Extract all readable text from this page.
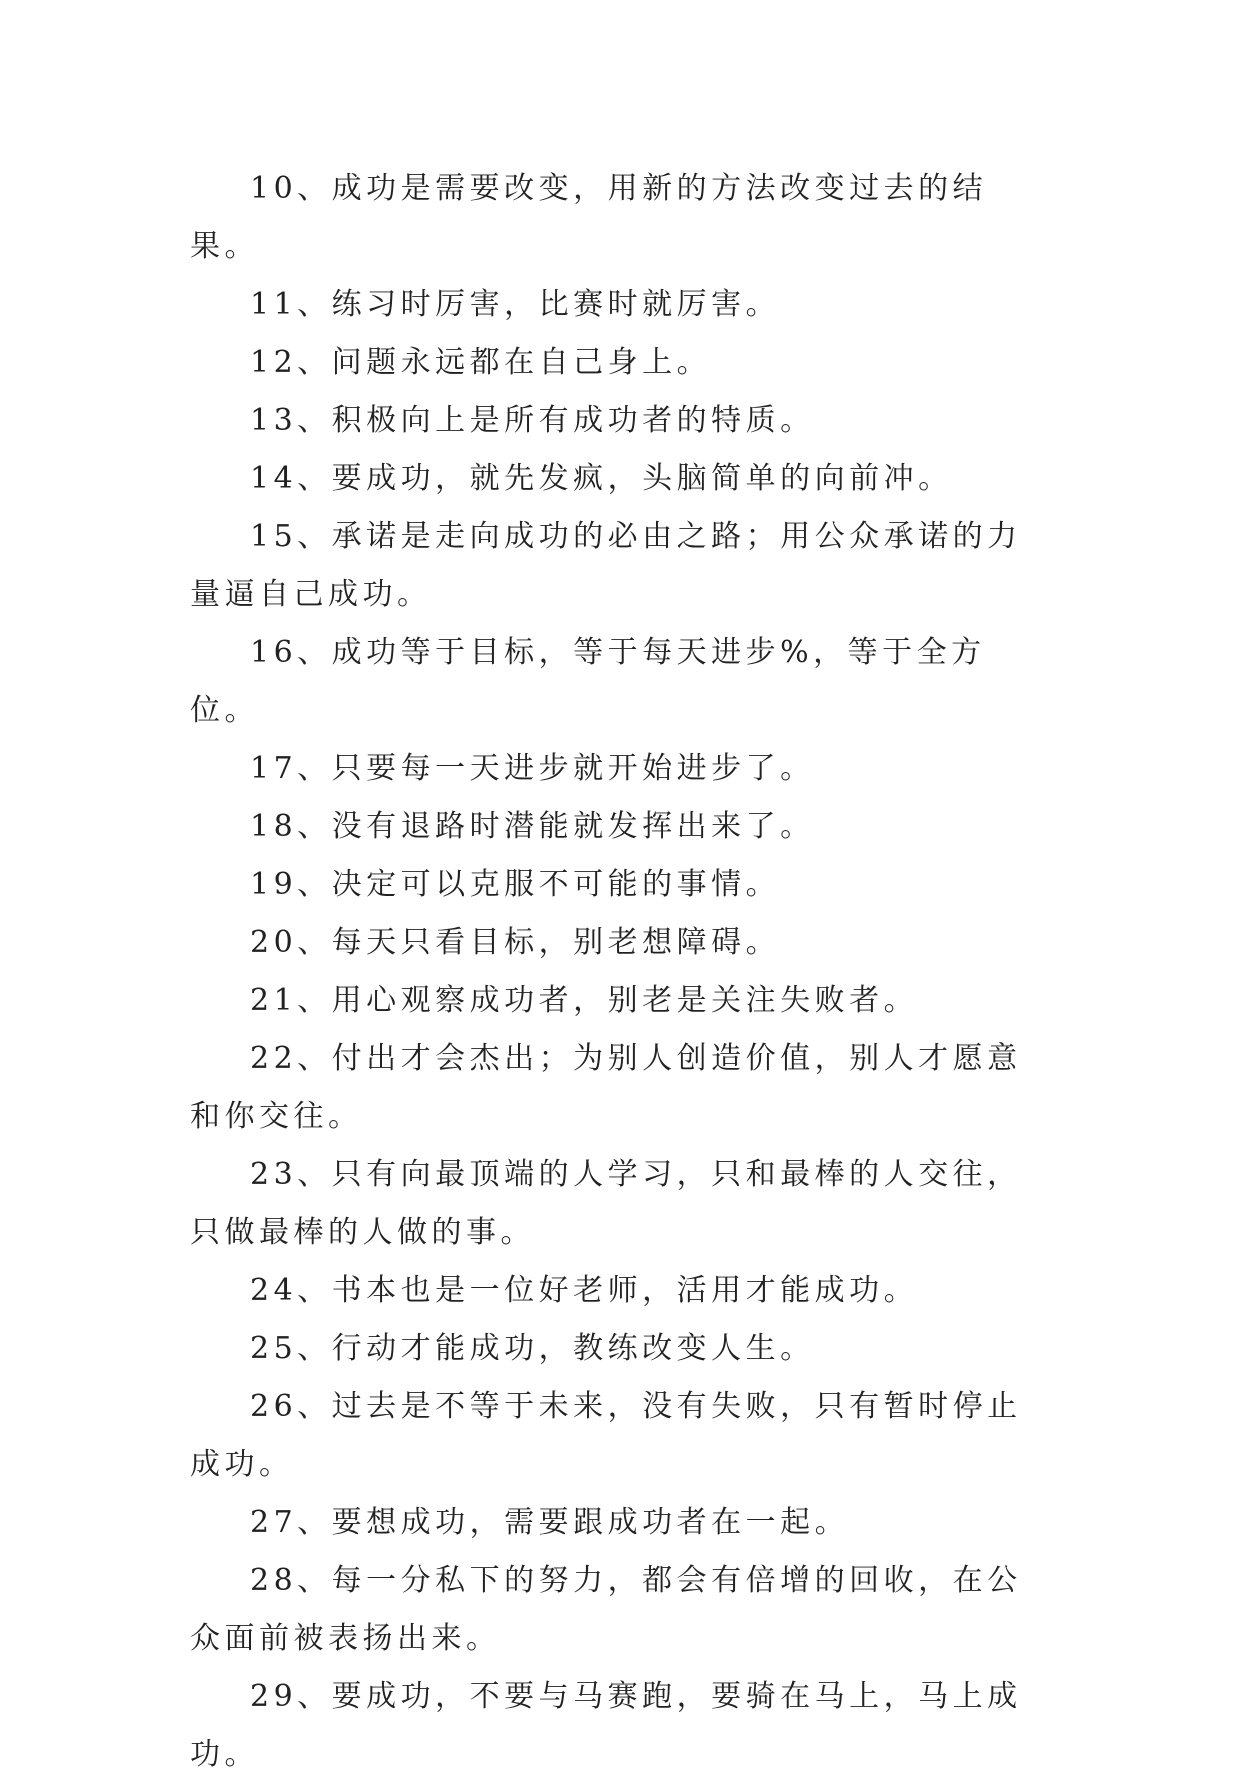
10、成功是需要改变，用新的方法改变过去的结果。

11、练习时厉害，比赛时就厉害。

12、问题永远都在自己身上。

13、积极向上是所有成功者的特质。

14、要成功，就先发疯，头脑简单的向前冲。

15、承诺是走向成功的必由之路；用公众承诺的力量逼自己成功。

16、成功等于目标，等于每天进步%，等于全方位。

17、只要每一天进步就开始进步了。

18、没有退路时潜能就发挥出来了。

19、决定可以克服不可能的事情。

20、每天只看目标，别老想障碍。

21、用心观察成功者，别老是关注失败者。

22、付出才会杰出；为别人创造价值，别人才愿意和你交往。

23、只有向最顶端的人学习，只和最棒的人交往，只做最棒的人做的事。

24、书本也是一位好老师，活用才能成功。

25、行动才能成功，教练改变人生。

26、过去是不等于未来，没有失败，只有暂时停止成功。

27、要想成功，需要跟成功者在一起。

28、每一分私下的努力，都会有倍增的回收，在公众面前被表扬出来。

29、要成功，不要与马赛跑，要骑在马上，马上成功。
